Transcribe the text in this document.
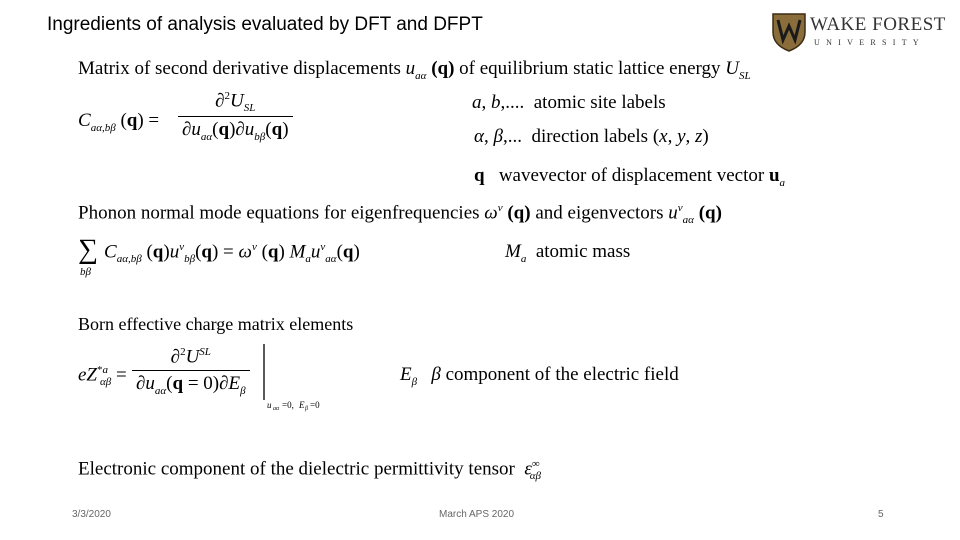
Ingredients of analysis evaluated by DFT and DFPT	WAKE FOREST
UNIVERSITY
Matrix of second derivative displacements $u_{a\alpha}$ (q) of equilibrium static lattice energy $U_{SL}$
$C_{a\alpha,b\beta}$ (q) =
$\partial^2U_{SL}$
$\partial u_{a\alpha}(q)\partial u_{b\beta}(q)$
a, b,....  atomic site labels
α, β,...  direction labels (x, y, z)
q wavevector of displacement vector $u_a$
Phonon normal mode equations for eigenfrequencies $\omega^\nu$ (q) and eigenvectors $u^\nu_{a\alpha}$ (q)
∑
bβ
$C_{a\alpha,b\beta}$ $(q)u^\nu_{b\beta}(q) = \omega^\nu$ (q) $M_au^\nu_{a\alpha}(q)$	$M_a$ atomic mass
Born effective charge matrix elements
$eZ^{*a}_{\alpha\beta}$ =
$\partial^2U^{SL}$
$\partial u_{a\alpha}(q = 0)\partial E_\beta$
u aα =0, E β =0
$E_\beta$ β component of the electric field
Electronic component of the dielectric permittivity tensor $\varepsilon^\infty_{\alpha\beta}$
3/3/2020	March APS 2020	5
